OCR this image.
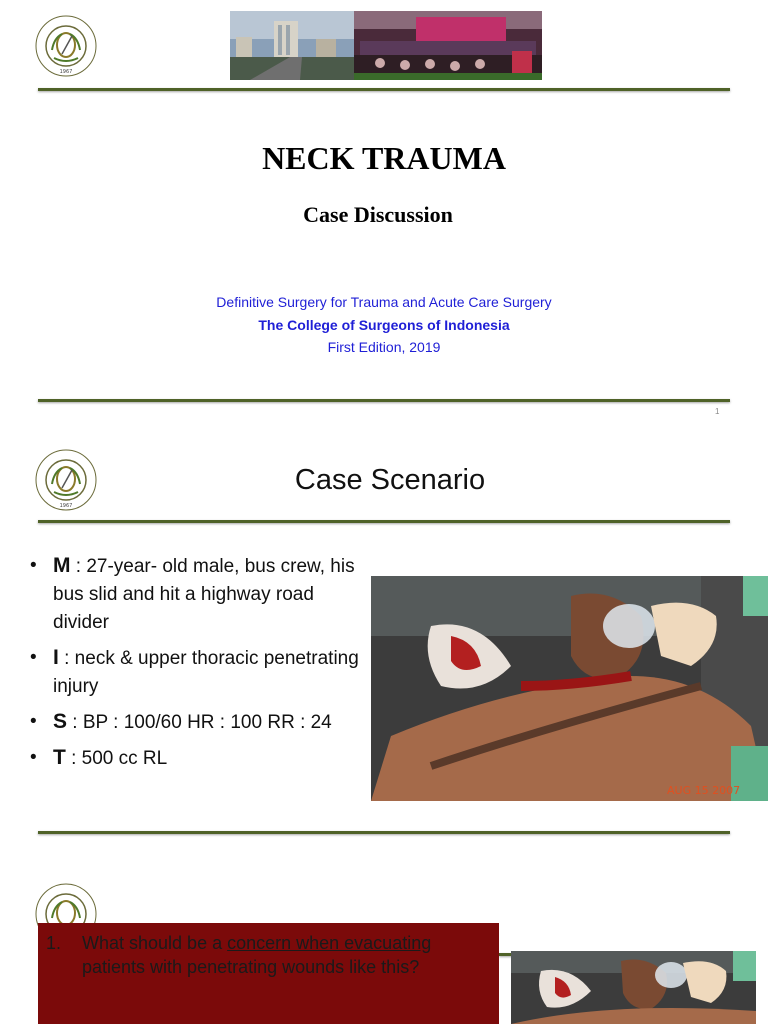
1967
NECK TRAUMA
Case Discussion
Definitive Surgery for Trauma and Acute Care Surgery
The College of Surgeons of Indonesia
First Edition, 2019
1
1967
Case Scenario
• M : 27-year- old male, bus crew, his bus slid and hit a highway road divider
• I : neck & upper thoracic penetrating injury
• S : BP : 100/60 HR : 100 RR : 24
• T : 500 cc RL
AUG 15 2007
1. What should be a concern when evacuating patients with penetrating wounds like this?
